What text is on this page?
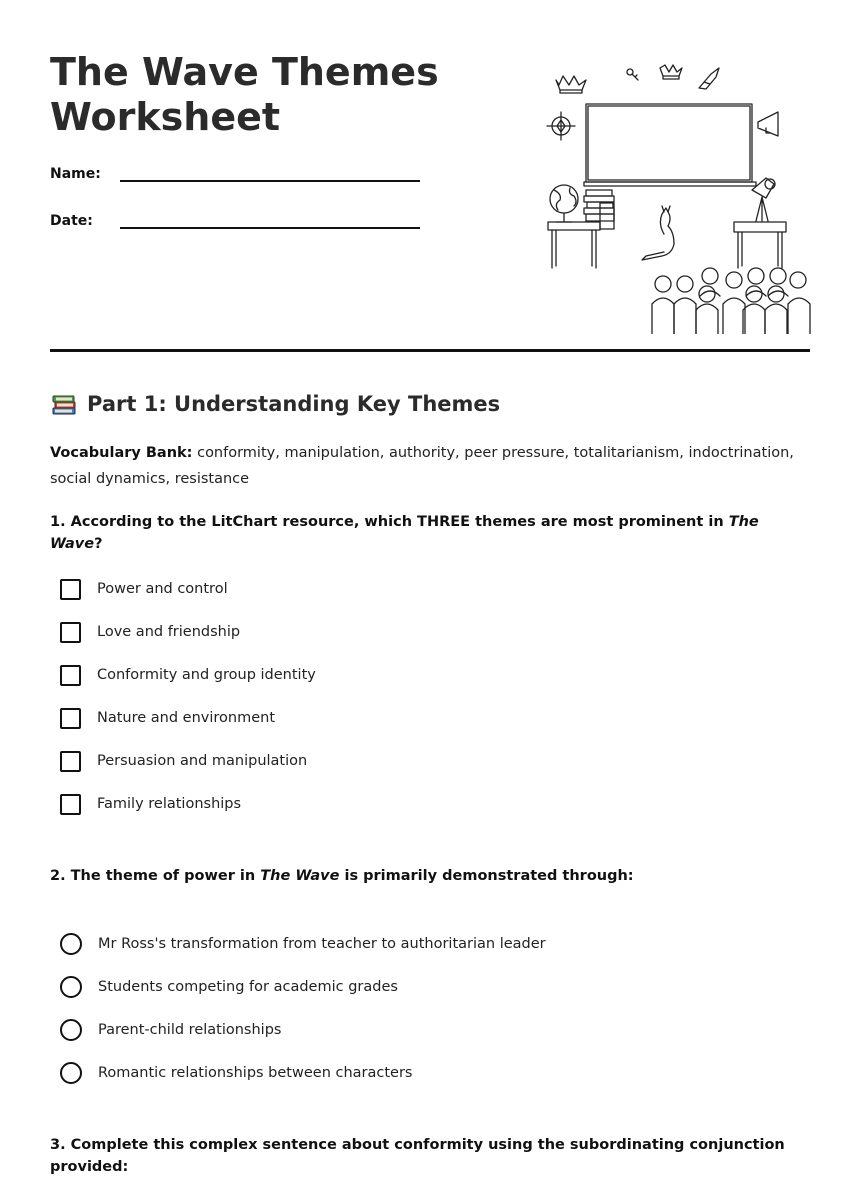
The Wave Themes
Worksheet
Name:
Date:
Part 1: Understanding Key Themes
Vocabulary Bank: conformity, manipulation, authority, peer pressure, totalitarianism, indoctrination, social dynamics, resistance
1. According to the LitChart resource, which THREE themes are most prominent in The Wave?
Power and control
Love and friendship
Conformity and group identity
Nature and environment
Persuasion and manipulation
Family relationships
2. The theme of power in The Wave is primarily demonstrated through:
Mr Ross's transformation from teacher to authoritarian leader
Students competing for academic grades
Parent-child relationships
Romantic relationships between characters
3. Complete this complex sentence about conformity using the subordinating conjunction provided:
